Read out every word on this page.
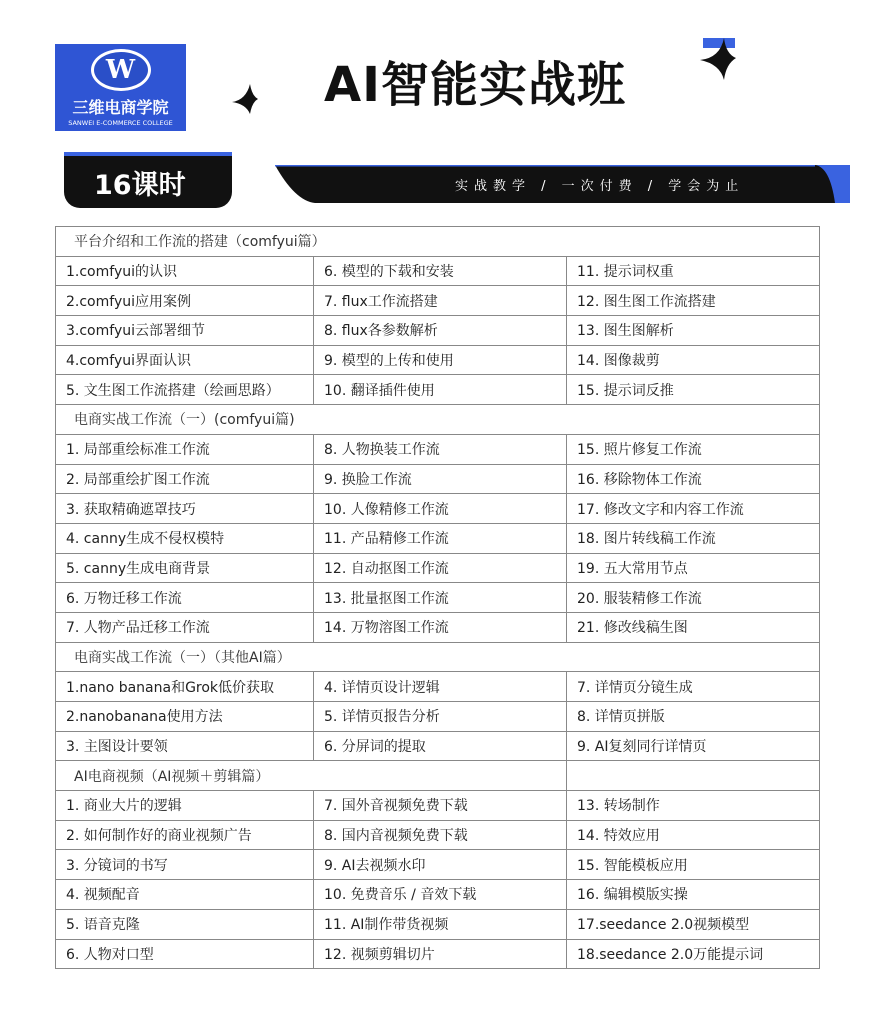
W
三维电商学院
SANWEI E-COMMERCE COLLEGE
AI智能实战班
16课时	实战教学 / 一次付费 / 学会为止
平台介绍和工作流的搭建（comfyui篇）		
1.comfyui的认识	6. 模型的下载和安装	11. 提示词权重
2.comfyui应用案例	7. flux工作流搭建	12. 图生图工作流搭建
3.comfyui云部署细节	8. flux各参数解析	13. 图生图解析
4.comfyui界面认识	9. 模型的上传和使用	14. 图像裁剪
5. 文生图工作流搭建（绘画思路）	10. 翻译插件使用	15. 提示词反推
电商实战工作流（一）(comfyui篇)		
1. 局部重绘标准工作流	8. 人物换装工作流	15. 照片修复工作流
2. 局部重绘扩图工作流	9. 换脸工作流	16. 移除物体工作流
3. 获取精确遮罩技巧	10. 人像精修工作流	17. 修改文字和内容工作流
4. canny生成不侵权模特	11. 产品精修工作流	18. 图片转线稿工作流
5. canny生成电商背景	12. 自动抠图工作流	19. 五大常用节点
6. 万物迁移工作流	13. 批量抠图工作流	20. 服装精修工作流
7. 人物产品迁移工作流	14. 万物溶图工作流	21. 修改线稿生图
电商实战工作流（一）（其他AI篇）		
1.nano banana和Grok低价获取	4. 详情页设计逻辑	7. 详情页分镜生成
2.nanobanana使用方法	5. 详情页报告分析	8. 详情页拼版
3. 主图设计要领	6. 分屏词的提取	9. AI复刻同行详情页
AI电商视频（AI视频＋剪辑篇）		
1. 商业大片的逻辑	7. 国外音视频免费下载	13. 转场制作
2. 如何制作好的商业视频广告	8. 国内音视频免费下载	14. 特效应用
3. 分镜词的书写	9. AI去视频水印	15. 智能模板应用
4. 视频配音	10. 免费音乐 / 音效下载	16. 编辑模版实操
5. 语音克隆	11. AI制作带货视频	17.seedance 2.0视频模型
6. 人物对口型	12. 视频剪辑切片	18.seedance 2.0万能提示词
